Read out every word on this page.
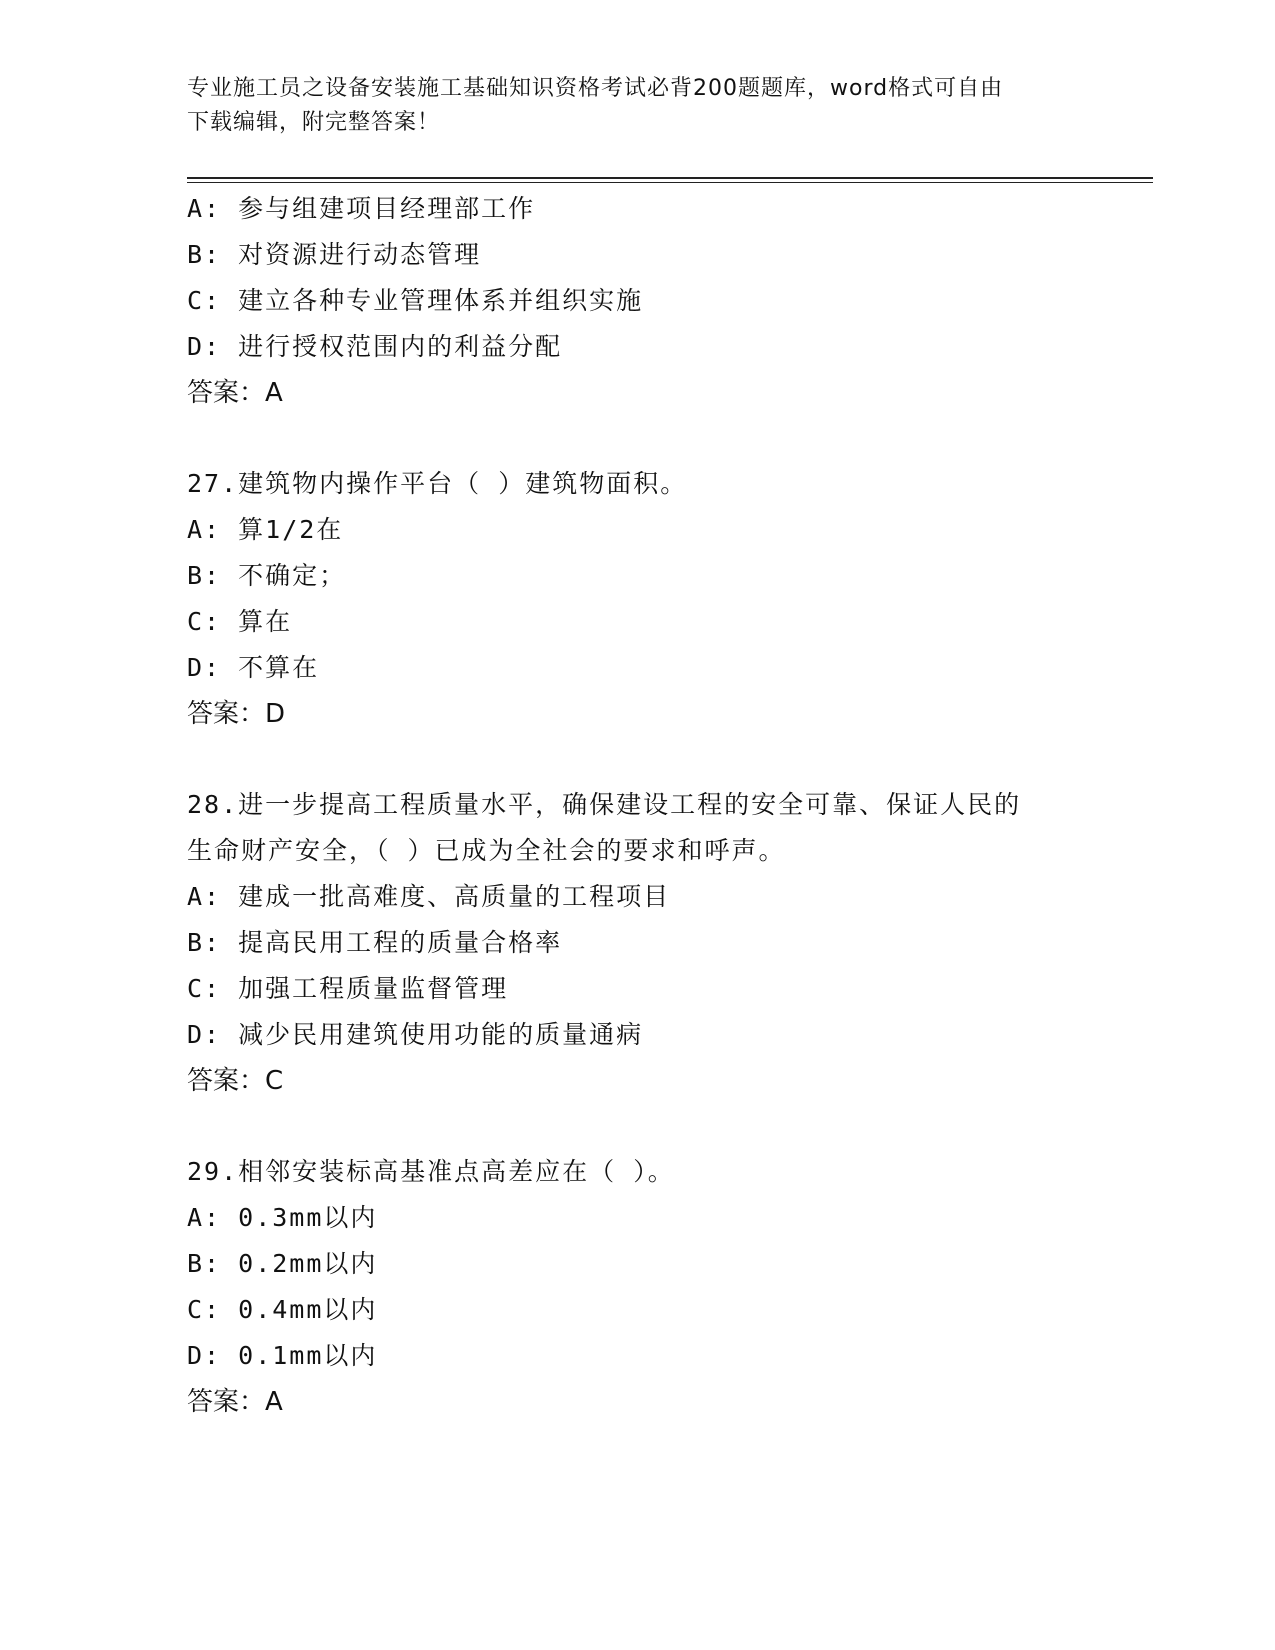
专业施工员之设备安装施工基础知识资格考试必背200题题库，word格式可自由
下载编辑，附完整答案！
A: 参与组建项目经理部工作
B: 对资源进行动态管理
C: 建立各种专业管理体系并组织实施
D: 进行授权范围内的利益分配
答案：A
27.建筑物内操作平台（ ）建筑物面积。
A: 算1/2在
B: 不确定；
C: 算在
D: 不算在
答案：D
28.进一步提高工程质量水平，确保建设工程的安全可靠、保证人民的
生命财产安全，（ ）已成为全社会的要求和呼声。
A: 建成一批高难度、高质量的工程项目
B: 提高民用工程的质量合格率
C: 加强工程质量监督管理
D: 减少民用建筑使用功能的质量通病
答案：C
29.相邻安装标高基准点高差应在（ ）。
A: 0.3mm以内
B: 0.2mm以内
C: 0.4mm以内
D: 0.1mm以内
答案：A
